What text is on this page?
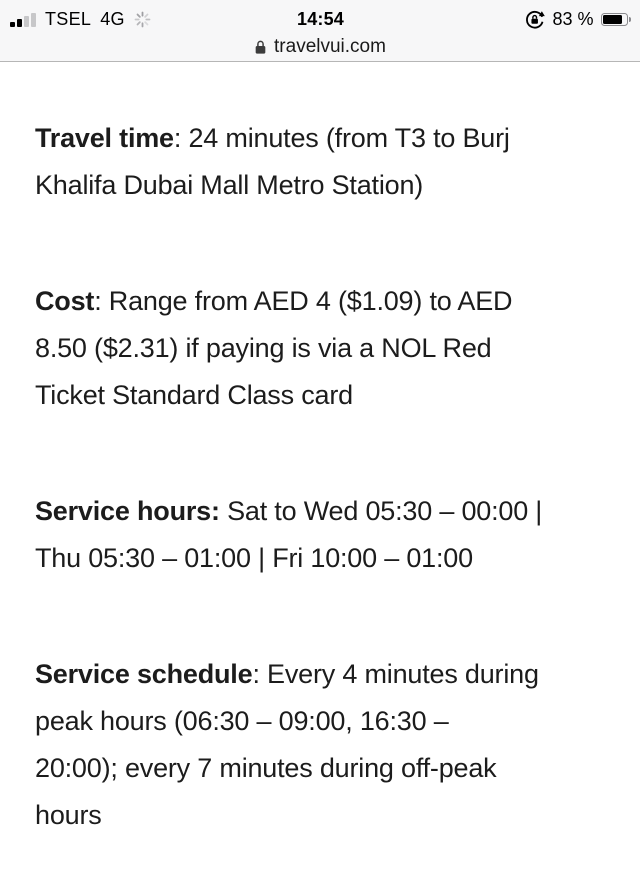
TSEL 4G	14:54	83 %
travelvui.com

Travel time: 24 minutes (from T3 to Burj
Khalifa Dubai Mall Metro Station)

Cost: Range from AED 4 ($1.09) to AED
8.50 ($2.31) if paying is via a NOL Red
Ticket Standard Class card

Service hours: Sat to Wed 05:30 – 00:00 |
Thu 05:30 – 01:00 | Fri 10:00 – 01:00

Service schedule: Every 4 minutes during
peak hours (06:30 – 09:00, 16:30 –
20:00); every 7 minutes during off-peak
hours
